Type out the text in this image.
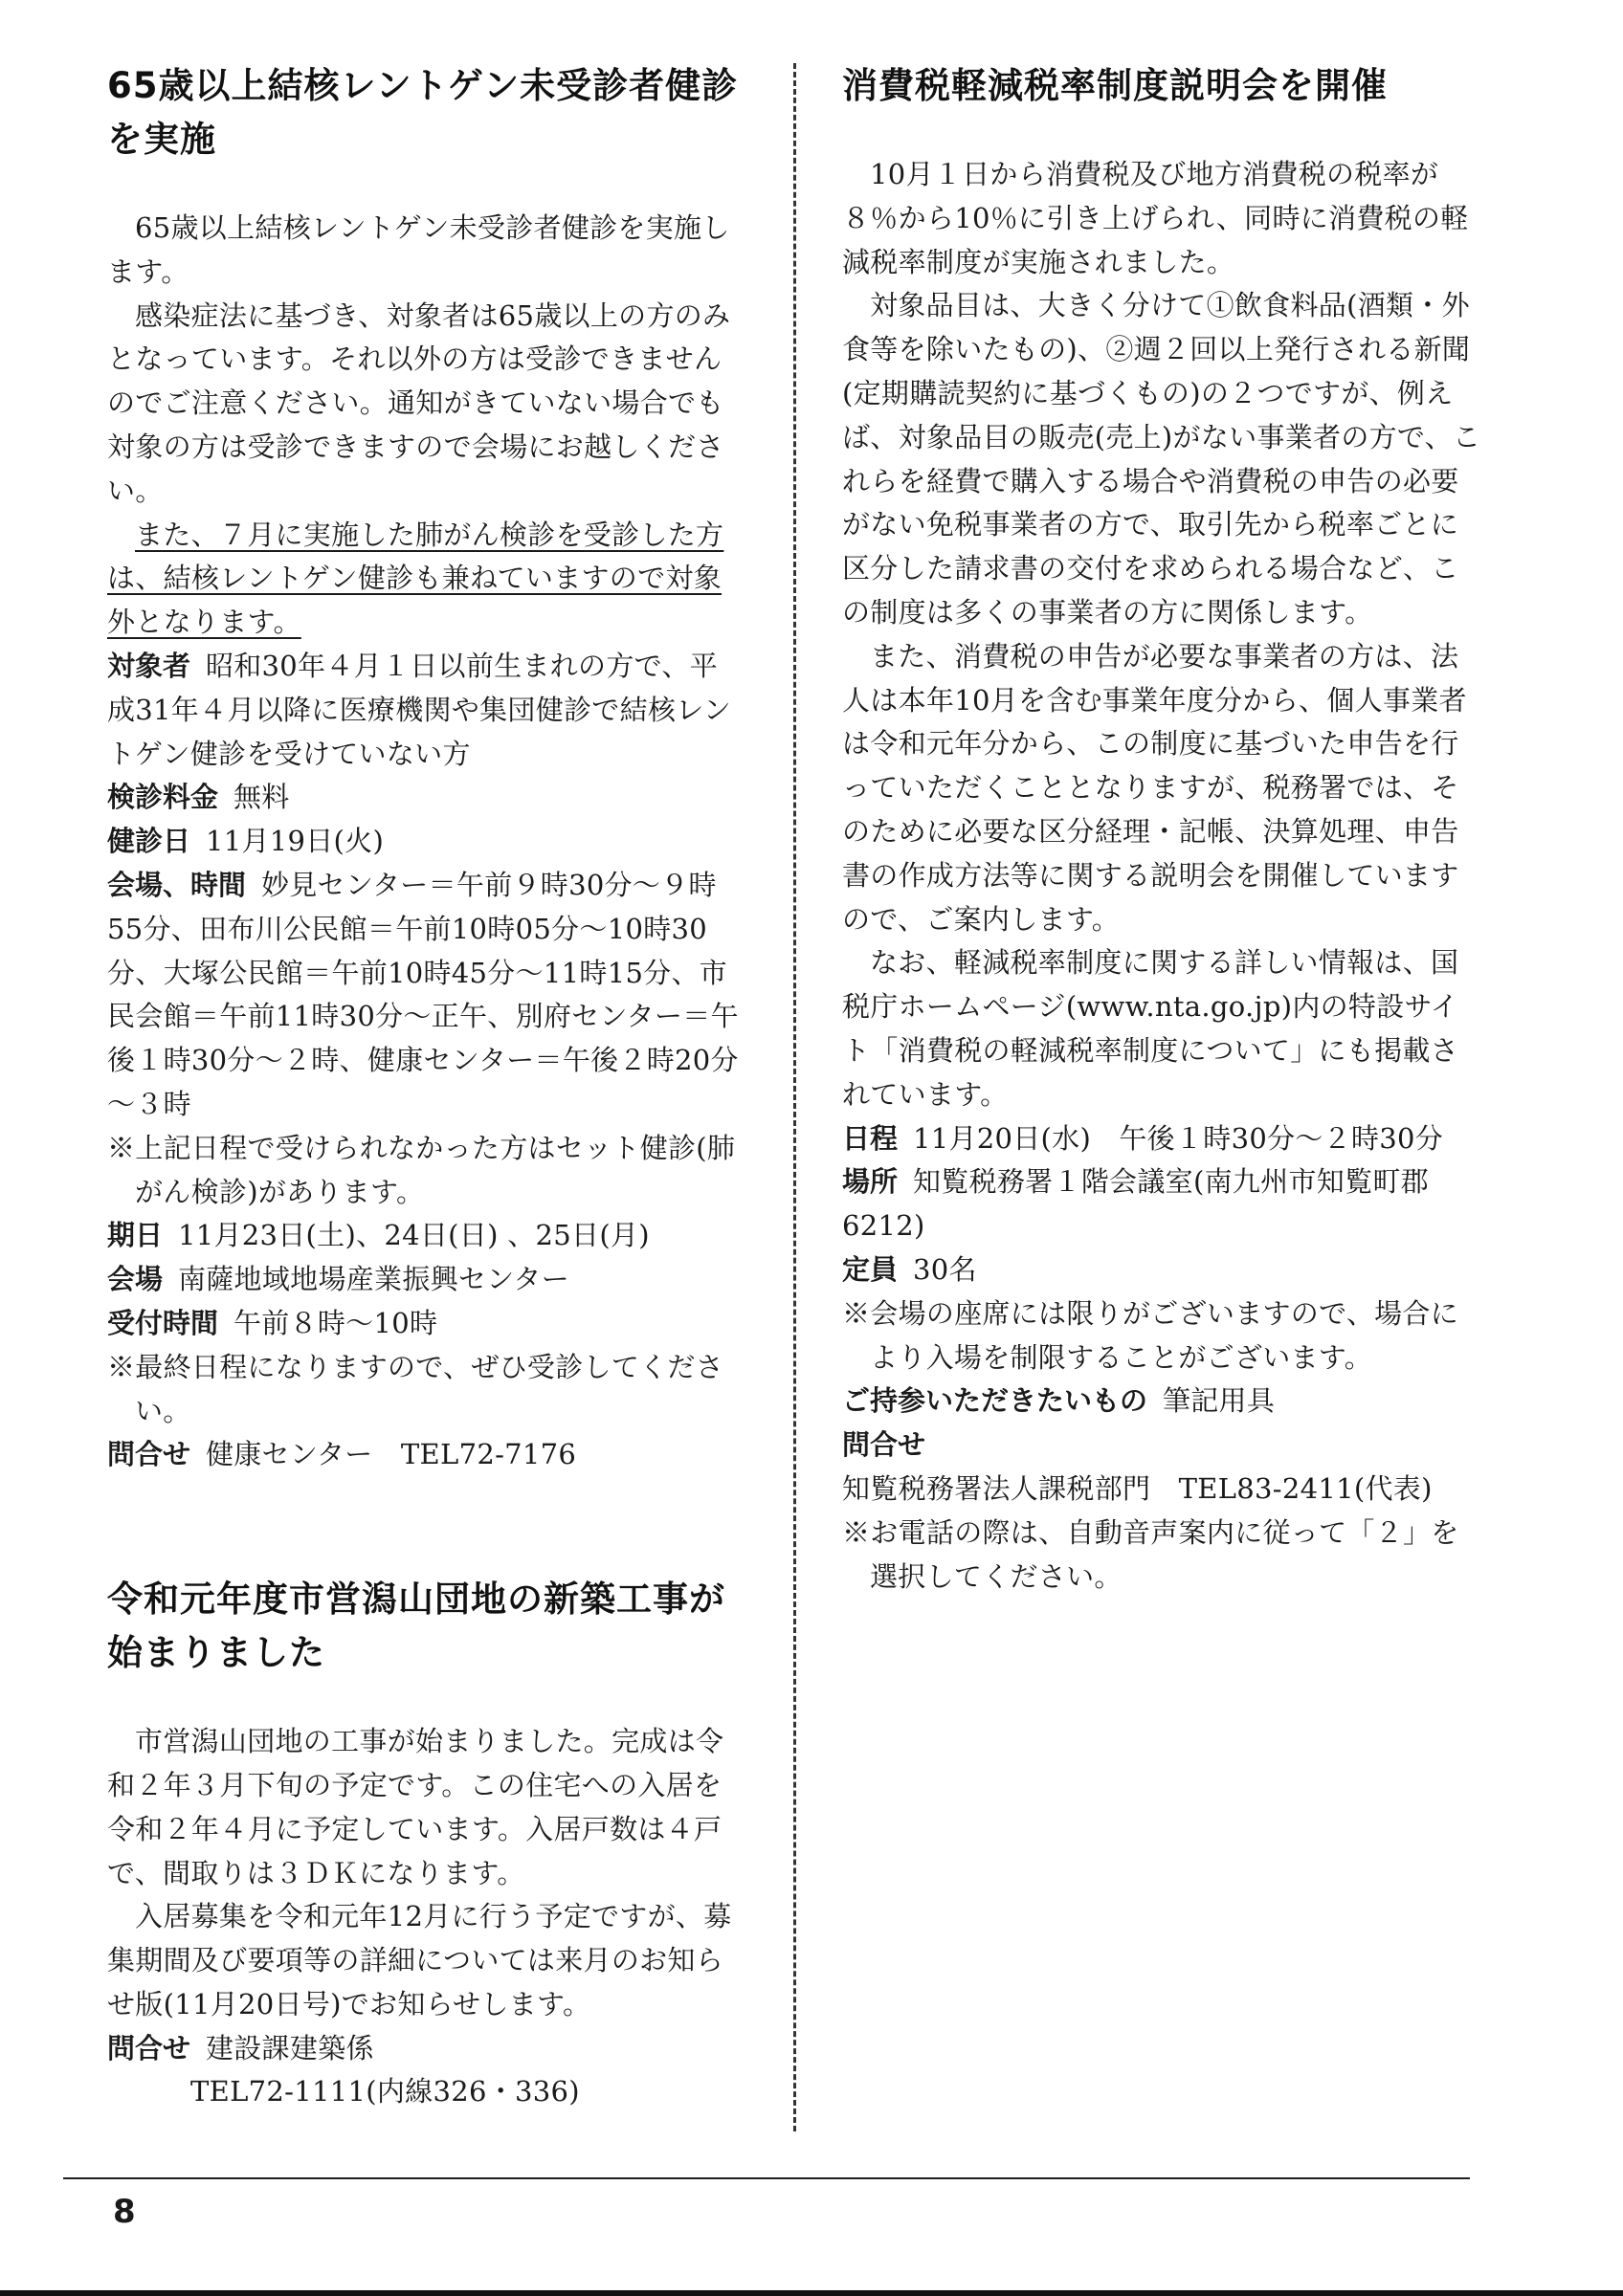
65歳以上結核レントゲン未受診者健診を実施

65歳以上結核レントゲン未受診者健診を実施します。

感染症法に基づき、対象者は65歳以上の方のみとなっています。それ以外の方は受診できませんのでご注意ください。通知がきていない場合でも対象の方は受診できますので会場にお越しください。

また、７月に実施した肺がん検診を受診した方は、結核レントゲン健診も兼ねていますので対象外となります。

対象者 昭和30年４月１日以前生まれの方で、平成31年４月以降に医療機関や集団健診で結核レントゲン健診を受けていない方

検診料金 無料

健診日 11月19日(火)

会場、時間 妙見センター＝午前９時30分～９時55分、田布川公民館＝午前10時05分～10時30分、大塚公民館＝午前10時45分～11時15分、市民会館＝午前11時30分～正午、別府センター＝午後１時30分～２時、健康センター＝午後２時20分～３時

※上記日程で受けられなかった方はセット健診(肺がん検診)があります。

期日 11月23日(土)、24日(日) 、25日(月)

会場 南薩地域地場産業振興センター

受付時間 午前８時～10時

※最終日程になりますので、ぜひ受診してください。

問合せ 健康センター　TEL72-7176

令和元年度市営潟山団地の新築工事が始まりました

市営潟山団地の工事が始まりました。完成は令和２年３月下旬の予定です。この住宅への入居を令和２年４月に予定しています。入居戸数は４戸で、間取りは３ＤＫになります。

入居募集を令和元年12月に行う予定ですが、募集期間及び要項等の詳細については来月のお知らせ版(11月20日号)でお知らせします。

問合せ 建設課建築係

TEL72-1111(内線326・336)

消費税軽減税率制度説明会を開催

10月１日から消費税及び地方消費税の税率が８％から10％に引き上げられ、同時に消費税の軽減税率制度が実施されました。

対象品目は、大きく分けて①飲食料品(酒類・外食等を除いたもの)、②週２回以上発行される新聞(定期購読契約に基づくもの)の２つですが、例えば、対象品目の販売(売上)がない事業者の方で、これらを経費で購入する場合や消費税の申告の必要がない免税事業者の方で、取引先から税率ごとに区分した請求書の交付を求められる場合など、この制度は多くの事業者の方に関係します。

また、消費税の申告が必要な事業者の方は、法人は本年10月を含む事業年度分から、個人事業者は令和元年分から、この制度に基づいた申告を行っていただくこととなりますが、税務署では、そのために必要な区分経理・記帳、決算処理、申告書の作成方法等に関する説明会を開催していますので、ご案内します。

なお、軽減税率制度に関する詳しい情報は、国税庁ホームページ(www.nta.go.jp)内の特設サイト「消費税の軽減税率制度について」にも掲載されています。

日程 11月20日(水)　午後１時30分～２時30分

場所 知覧税務署１階会議室(南九州市知覧町郡6212)

定員 30名

※会場の座席には限りがございますので、場合により入場を制限することがございます。

ご持参いただきたいもの 筆記用具

問合せ

知覧税務署法人課税部門　TEL83-2411(代表)

※お電話の際は、自動音声案内に従って「２」を選択してください。

8
